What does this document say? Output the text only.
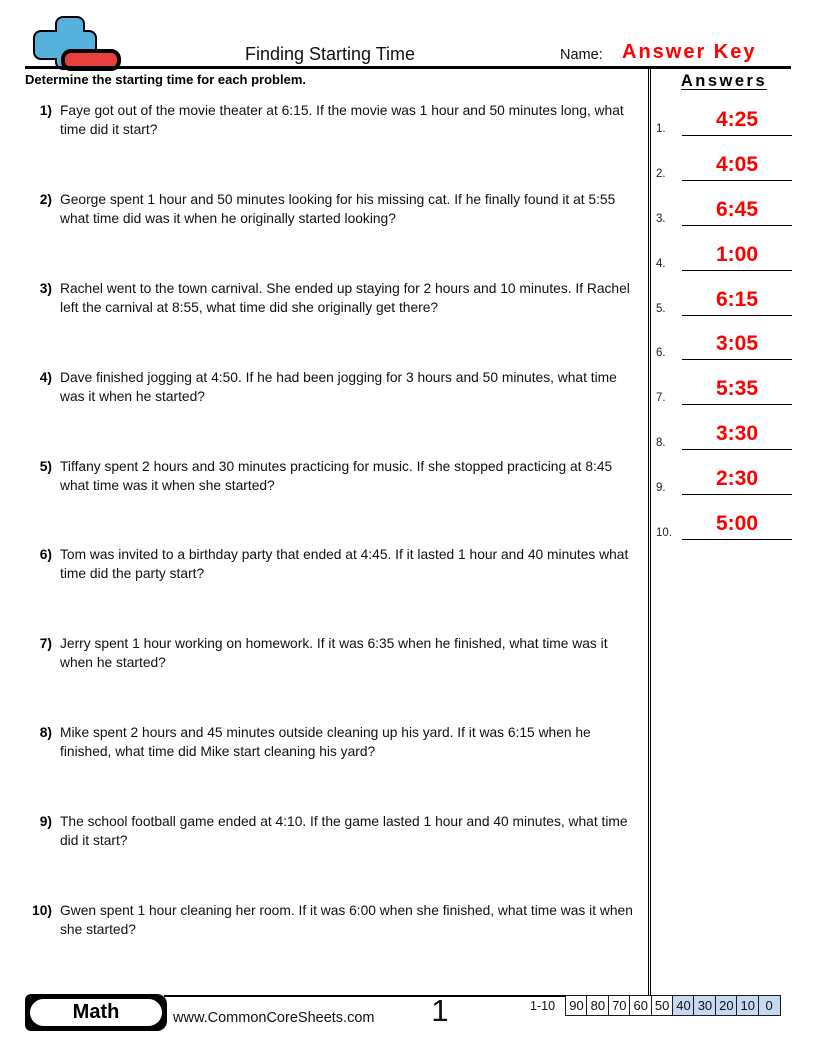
Finding Starting Time	Name: Answer Key
Determine the starting time for each problem.
1) Faye got out of the movie theater at 6:15. If the movie was 1 hour and 50 minutes long, what time did it start?
2) George spent 1 hour and 50 minutes looking for his missing cat. If he finally found it at 5:55 what time did was it when he originally started looking?
3) Rachel went to the town carnival. She ended up staying for 2 hours and 10 minutes. If Rachel left the carnival at 8:55, what time did she originally get there?
4) Dave finished jogging at 4:50. If he had been jogging for 3 hours and 50 minutes, what time was it when he started?
5) Tiffany spent 2 hours and 30 minutes practicing for music. If she stopped practicing at 8:45 what time was it when she started?
6) Tom was invited to a birthday party that ended at 4:45. If it lasted 1 hour and 40 minutes what time did the party start?
7) Jerry spent 1 hour working on homework. If it was 6:35 when he finished, what time was it when he started?
8) Mike spent 2 hours and 45 minutes outside cleaning up his yard. If it was 6:15 when he finished, what time did Mike start cleaning his yard?
9) The school football game ended at 4:10. If the game lasted 1 hour and 40 minutes, what time did it start?
10) Gwen spent 1 hour cleaning her room. If it was 6:00 when she finished, what time was it when she started?
Answers
1.	4:25
2.	4:05
3.	6:45
4.	1:00
5.	6:15
6.	3:05
7.	5:35
8.	3:30
9.	2:30
10.	5:00
Math	www.CommonCoreSheets.com	1	1-10	90 80 70 60 50 40 30 20 10 0
